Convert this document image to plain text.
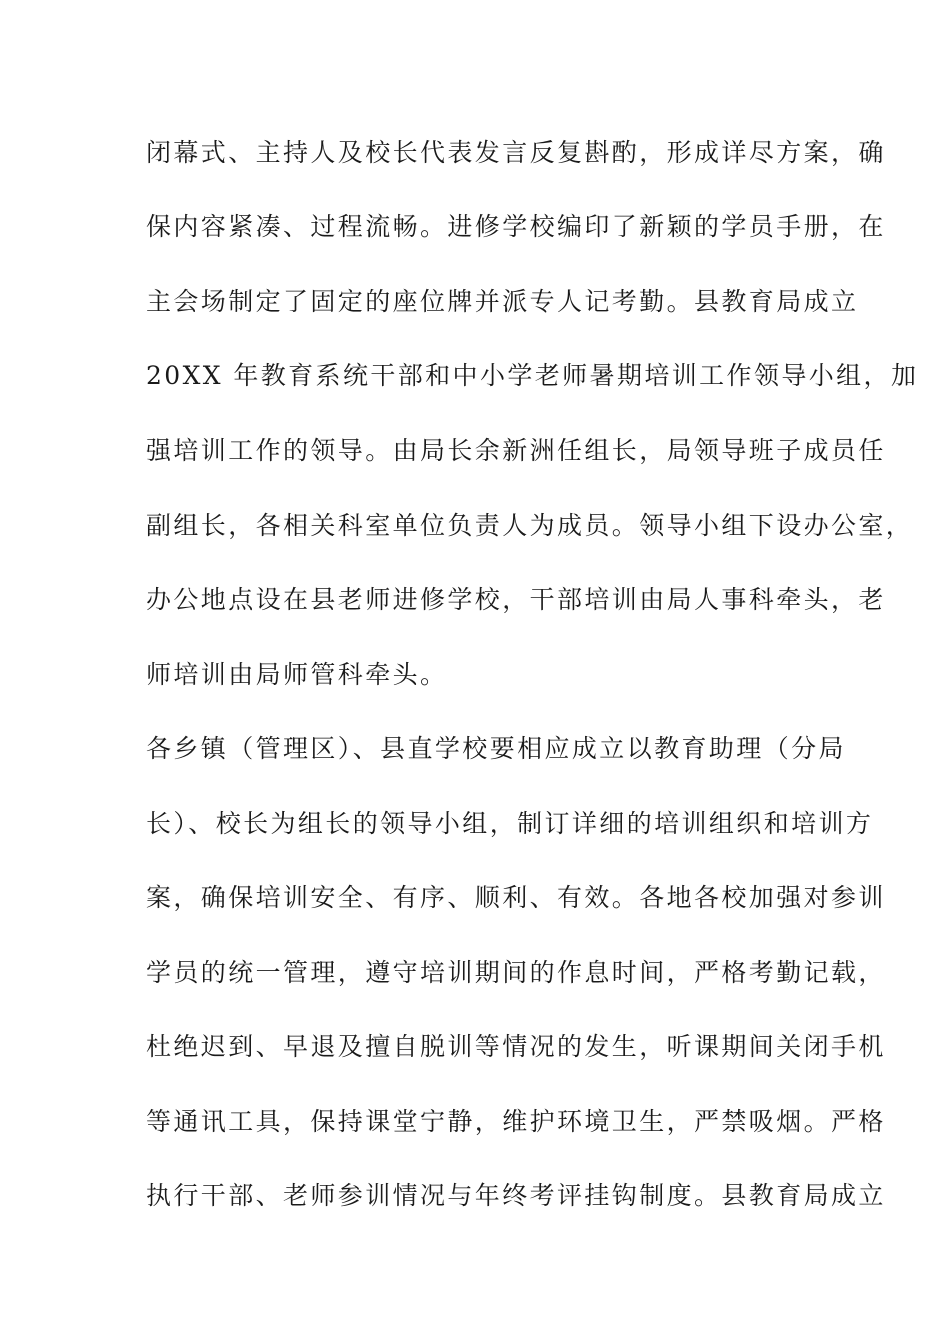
闭幕式、主持人及校长代表发言反复斟酌，形成详尽方案，确
保内容紧凑、过程流畅。进修学校编印了新颖的学员手册，在
主会场制定了固定的座位牌并派专人记考勤。县教育局成立
20XX 年教育系统干部和中小学老师暑期培训工作领导小组，加
强培训工作的领导。由局长余新洲任组长，局领导班子成员任
副组长，各相关科室单位负责人为成员。领导小组下设办公室，
办公地点设在县老师进修学校，干部培训由局人事科牵头，老
师培训由局师管科牵头。
各乡镇（管理区）、县直学校要相应成立以教育助理（分局
长）、校长为组长的领导小组，制订详细的培训组织和培训方
案，确保培训安全、有序、顺利、有效。各地各校加强对参训
学员的统一管理，遵守培训期间的作息时间，严格考勤记载，
杜绝迟到、早退及擅自脱训等情况的发生，听课期间关闭手机
等通讯工具，保持课堂宁静，维护环境卫生，严禁吸烟。严格
执行干部、老师参训情况与年终考评挂钩制度。县教育局成立
